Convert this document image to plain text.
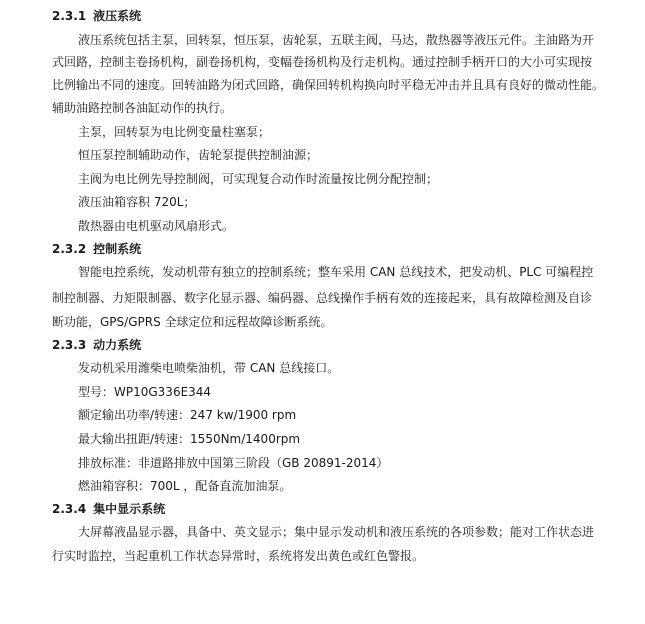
2.3.1 液压系统
液压系统包括主泵，回转泵，恒压泵，齿轮泵，五联主阀，马达，散热器等液压元件。主油路为开
式回路，控制主卷扬机构，副卷扬机构，变幅卷扬机构及行走机构。通过控制手柄开口的大小可实现按
比例输出不同的速度。回转油路为闭式回路，确保回转机构换向时平稳无冲击并且具有良好的微动性能。
辅助油路控制各油缸动作的执行。
主泵，回转泵为电比例变量柱塞泵；
恒压泵控制辅助动作，齿轮泵提供控制油源；
主阀为电比例先导控制阀，可实现复合动作时流量按比例分配控制；
液压油箱容积 720L；
散热器由电机驱动风扇形式。
2.3.2 控制系统
智能电控系统，发动机带有独立的控制系统；整车采用 CAN 总线技术，把发动机、PLC 可编程控
制控制器、力矩限制器、数字化显示器、编码器、总线操作手柄有效的连接起来，具有故障检测及自诊
断功能，GPS/GPRS 全球定位和远程故障诊断系统。
2.3.3 动力系统
发动机采用潍柴电喷柴油机，带 CAN 总线接口。
型号：WP10G336E344
额定输出功率/转速：247 kw/1900 rpm
最大输出扭距/转速：1550Nm/1400rpm
排放标准：非道路排放中国第三阶段（GB 20891-2014）
燃油箱容积：700L ，配备直流加油泵。
2.3.4 集中显示系统
大屏幕液晶显示器，具备中、英文显示；集中显示发动机和液压系统的各项参数；能对工作状态进
行实时监控，当起重机工作状态异常时，系统将发出黄色或红色警报。
